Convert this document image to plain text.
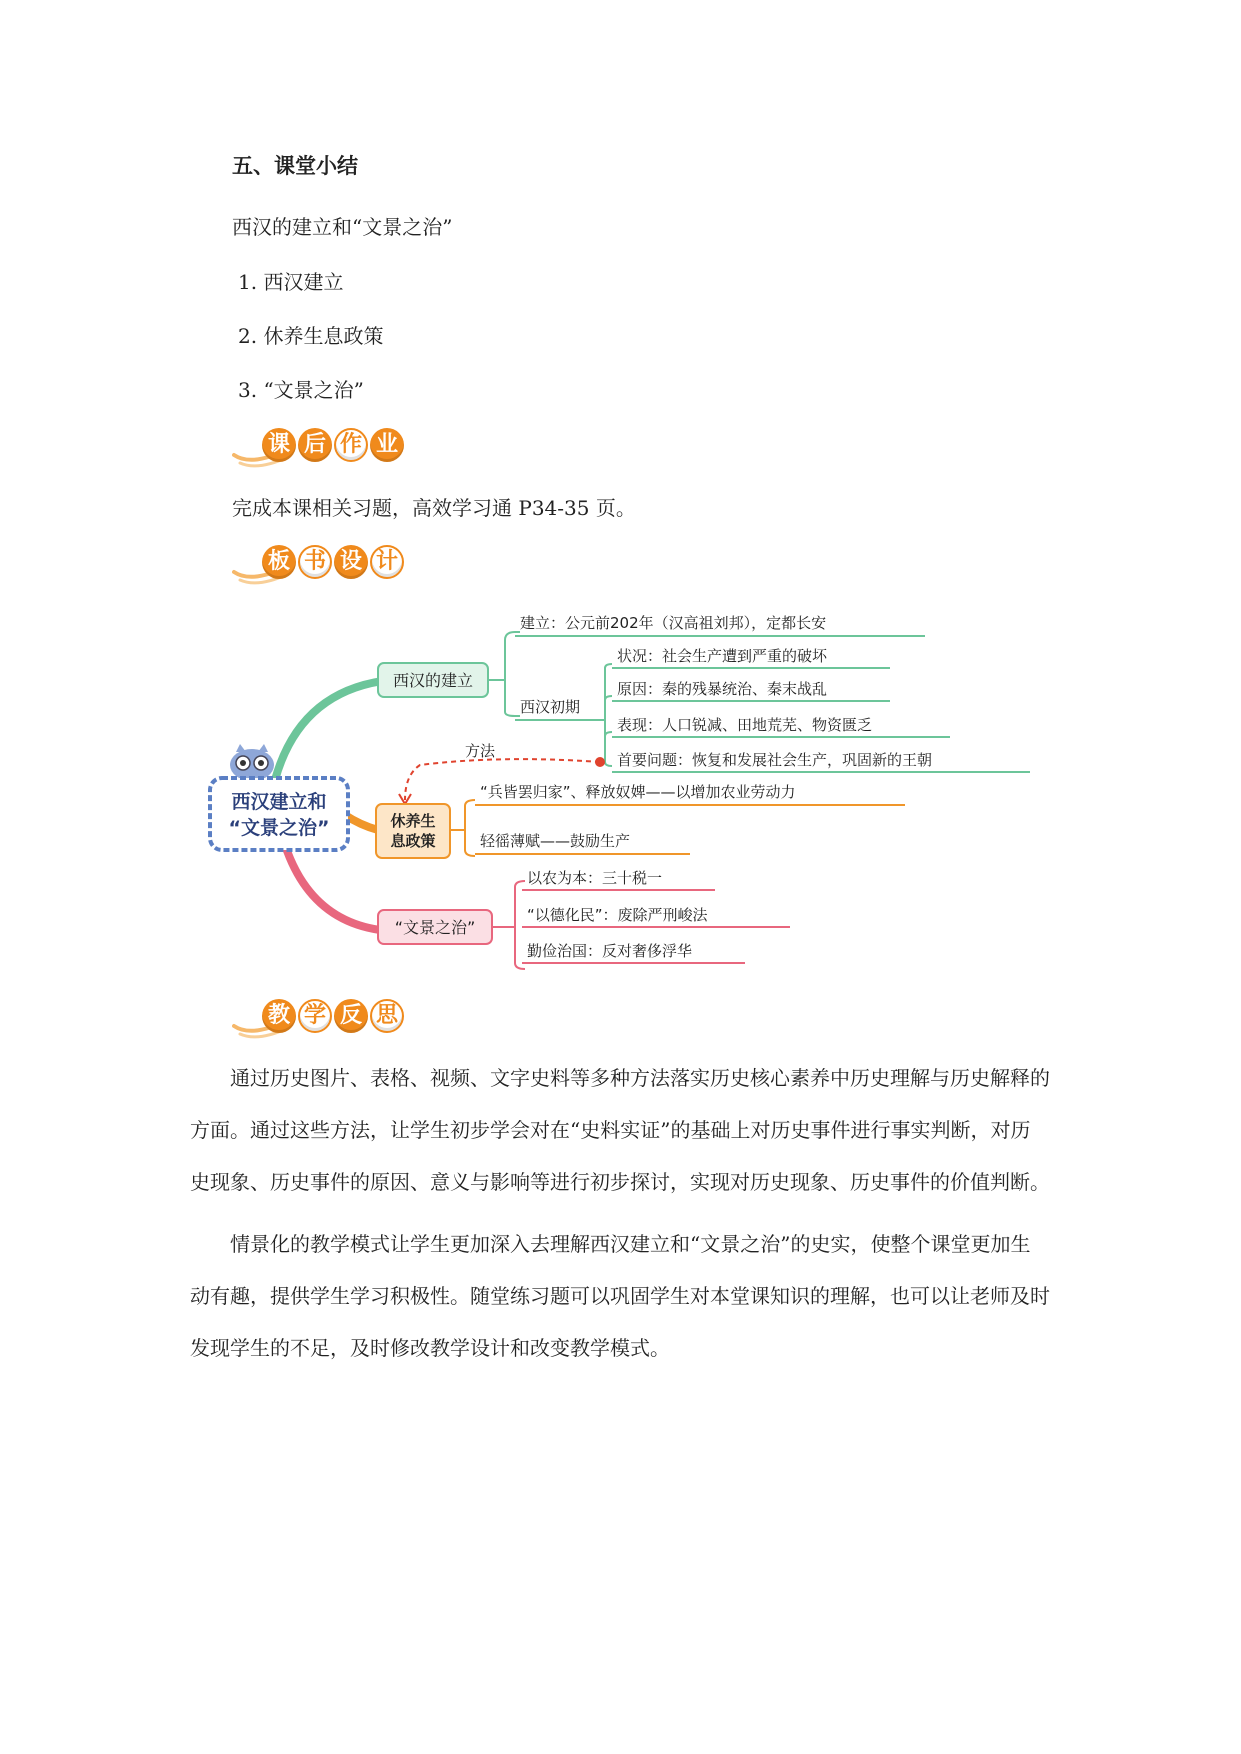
五、课堂小结
西汉的建立和“文景之治”
1. 西汉建立
2. 休养生息政策
3. “文景之治”
课 后 作 业
完成本课相关习题，高效学习通 P34-35 页。
板 书 设 计
西汉建立和
“文景之治”
西汉的建立
建立：公元前202年（汉高祖刘邦），定都长安
西汉初期
状况：社会生产遭到严重的破坏
原因：秦的残暴统治、秦末战乱
表现：人口锐减、田地荒芜、物资匮乏
首要问题：恢复和发展社会生产，巩固新的王朝
方法
休养生
息政策
“兵皆罢归家”、释放奴婢——以增加农业劳动力
轻徭薄赋——鼓励生产
“文景之治”
以农为本：三十税一
“以德化民”：废除严刑峻法
勤俭治国：反对奢侈浮华
教 学 反 思

通过历史图片、表格、视频、文字史料等多种方法落实历史核心素养中历史理解与历史解释的方面。通过这些方法，让学生初步学会对在“史料实证”的基础上对历史事件进行事实判断，对历史现象、历史事件的原因、意义与影响等进行初步探讨，实现对历史现象、历史事件的价值判断。

情景化的教学模式让学生更加深入去理解西汉建立和“文景之治”的史实，使整个课堂更加生动有趣，提供学生学习积极性。随堂练习题可以巩固学生对本堂课知识的理解，也可以让老师及时发现学生的不足，及时修改教学设计和改变教学模式。
